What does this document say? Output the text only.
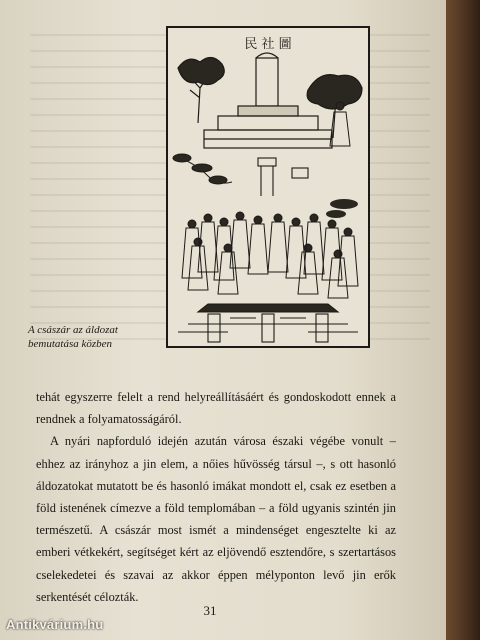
民 社 圖
A császár az áldozat
bemutatása közben

tehát egyszerre felelt a rend helyreállításáért és gondoskodott ennek a rendnek a folyamatosságáról.

A nyári napforduló idején azután városa északi végébe vonult – ehhez az irányhoz a jin elem, a nőies hűvösség társul –, s ott hasonló áldozatokat mutatott be és hasonló imákat mondott el, csak ez esetben a föld istenének címezve a föld templomában – a föld ugyanis szintén jin természetű. A császár most ismét a mindenséget engesztelte ki az emberi vétkekért, segítséget kért az eljövendő esztendőre, s szertartásos cselekedetei és szavai az akkor éppen mélyponton levő jin erők serkentését célozták.

31
Antikvárium.hu
